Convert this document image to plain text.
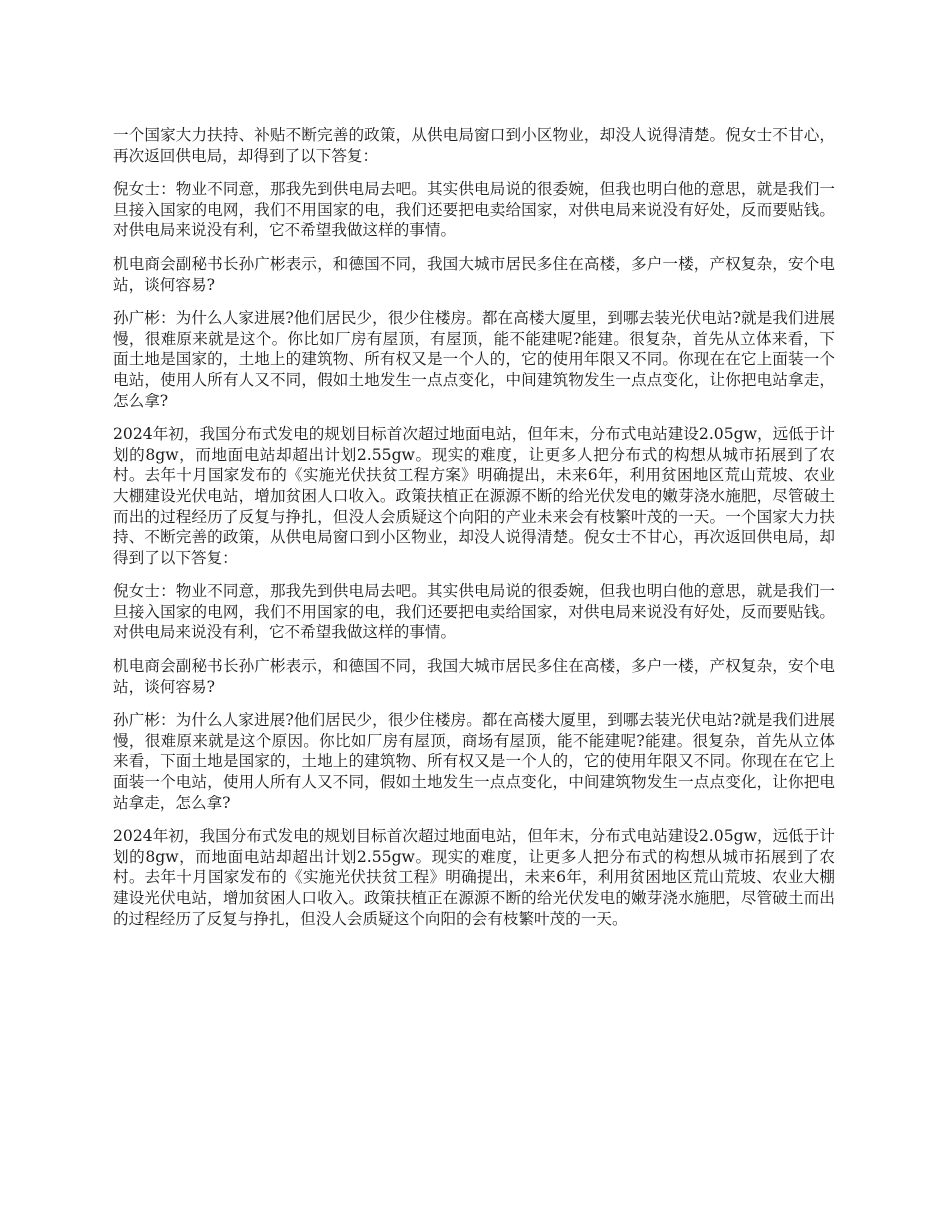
一个国家大力扶持、补贴不断完善的政策，从供电局窗口到小区物业，却没人说得清楚。倪女士不甘心，再次返回供电局，却得到了以下答复：

倪女士：物业不同意，那我先到供电局去吧。其实供电局说的很委婉，但我也明白他的意思，就是我们一旦接入国家的电网，我们不用国家的电，我们还要把电卖给国家，对供电局来说没有好处，反而要贴钱。对供电局来说没有利，它不希望我做这样的事情。

机电商会副秘书长孙广彬表示，和德国不同，我国大城市居民多住在高楼，多户一楼，产权复杂，安个电站，谈何容易?

孙广彬：为什么人家进展?他们居民少，很少住楼房。都在高楼大厦里，到哪去装光伏电站?就是我们进展慢，很难原来就是这个。你比如厂房有屋顶，有屋顶，能不能建呢?能建。很复杂，首先从立体来看，下面土地是国家的，土地上的建筑物、所有权又是一个人的，它的使用年限又不同。你现在在它上面装一个电站，使用人所有人又不同，假如土地发生一点点变化，中间建筑物发生一点点变化，让你把电站拿走，怎么拿?

2024年初，我国分布式发电的规划目标首次超过地面电站，但年末，分布式电站建设2.05gw，远低于计划的8gw，而地面电站却超出计划2.55gw。现实的难度，让更多人把分布式的构想从城市拓展到了农村。去年十月国家发布的《实施光伏扶贫工程方案》明确提出，未来6年，利用贫困地区荒山荒坡、农业大棚建设光伏电站，增加贫困人口收入。政策扶植正在源源不断的给光伏发电的嫩芽浇水施肥，尽管破土而出的过程经历了反复与挣扎，但没人会质疑这个向阳的产业未来会有枝繁叶茂的一天。一个国家大力扶持、不断完善的政策，从供电局窗口到小区物业，却没人说得清楚。倪女士不甘心，再次返回供电局，却得到了以下答复：

倪女士：物业不同意，那我先到供电局去吧。其实供电局说的很委婉，但我也明白他的意思，就是我们一旦接入国家的电网，我们不用国家的电，我们还要把电卖给国家，对供电局来说没有好处，反而要贴钱。对供电局来说没有利，它不希望我做这样的事情。

机电商会副秘书长孙广彬表示，和德国不同，我国大城市居民多住在高楼，多户一楼，产权复杂，安个电站，谈何容易?

孙广彬：为什么人家进展?他们居民少，很少住楼房。都在高楼大厦里，到哪去装光伏电站?就是我们进展慢，很难原来就是这个原因。你比如厂房有屋顶，商场有屋顶，能不能建呢?能建。很复杂，首先从立体来看，下面土地是国家的，土地上的建筑物、所有权又是一个人的，它的使用年限又不同。你现在在它上面装一个电站，使用人所有人又不同，假如土地发生一点点变化，中间建筑物发生一点点变化，让你把电站拿走，怎么拿?

2024年初，我国分布式发电的规划目标首次超过地面电站，但年末，分布式电站建设2.05gw，远低于计划的8gw，而地面电站却超出计划2.55gw。现实的难度，让更多人把分布式的构想从城市拓展到了农村。去年十月国家发布的《实施光伏扶贫工程》明确提出，未来6年，利用贫困地区荒山荒坡、农业大棚建设光伏电站，增加贫困人口收入。政策扶植正在源源不断的给光伏发电的嫩芽浇水施肥，尽管破土而出的过程经历了反复与挣扎，但没人会质疑这个向阳的会有枝繁叶茂的一天。
